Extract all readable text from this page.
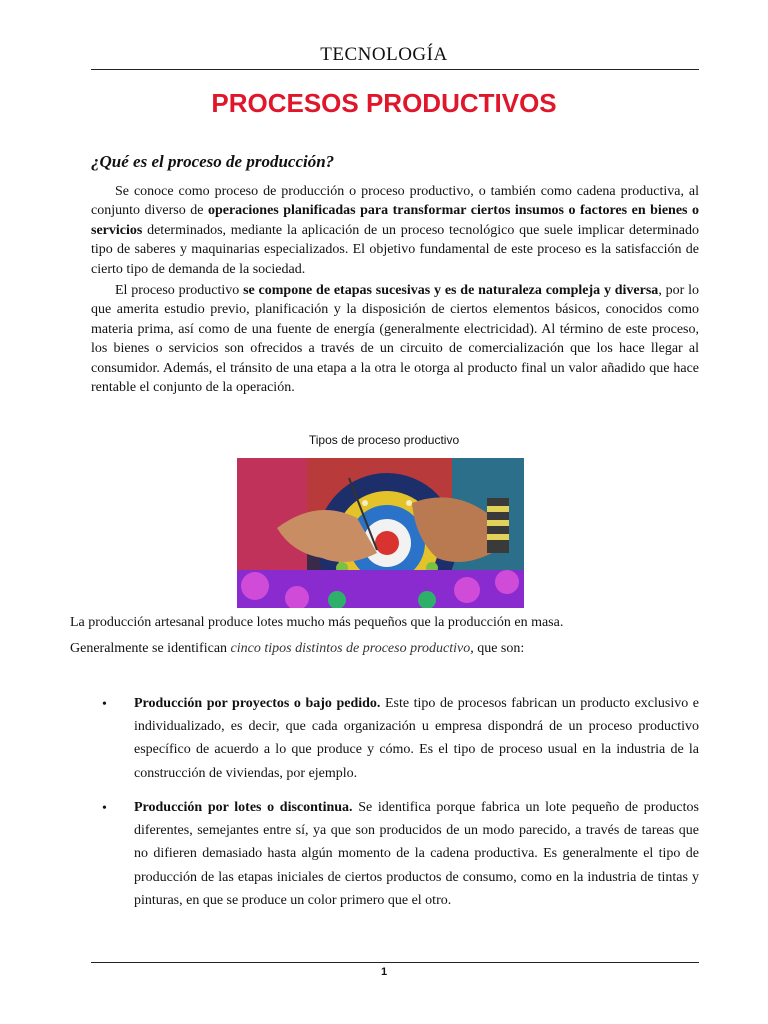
TECNOLOGÍA
PROCESOS PRODUCTIVOS
¿Qué es el proceso de producción?

Se conoce como proceso de producción o proceso productivo, o también como cadena productiva, al conjunto diverso de operaciones planificadas para transformar ciertos insumos o factores en bienes o servicios determinados, mediante la aplicación de un proceso tecnológico que suele implicar determinado tipo de saberes y maquinarias especializados. El objetivo fundamental de este proceso es la satisfacción de cierto tipo de demanda de la sociedad.

El proceso productivo se compone de etapas sucesivas y es de naturaleza compleja y diversa, por lo que amerita estudio previo, planificación y la disposición de ciertos elementos básicos, conocidos como materia prima, así como de una fuente de energía (generalmente electricidad). Al término de este proceso, los bienes o servicios son ofrecidos a través de un circuito de comercialización que los hace llegar al consumidor. Además, el tránsito de una etapa a la otra le otorga al producto final un valor añadido que hace rentable el conjunto de la operación.

Tipos de proceso productivo
La producción artesanal produce lotes mucho más pequeños que la producción en masa.
Generalmente se identifican cinco tipos distintos de proceso productivo, que son:
• Producción por proyectos o bajo pedido. Este tipo de procesos fabrican un producto exclusivo e individualizado, es decir, que cada organización u empresa dispondrá de un proceso productivo específico de acuerdo a lo que produce y cómo. Es el tipo de proceso usual en la industria de la construcción de viviendas, por ejemplo.

• Producción por lotes o discontinua. Se identifica porque fabrica un lote pequeño de productos diferentes, semejantes entre sí, ya que son producidos de un modo parecido, a través de tareas que no difieren demasiado hasta algún momento de la cadena productiva. Es generalmente el tipo de producción de las etapas iniciales de ciertos productos de consumo, como en la industria de tintas y pinturas, en que se produce un color primero que el otro.

1
